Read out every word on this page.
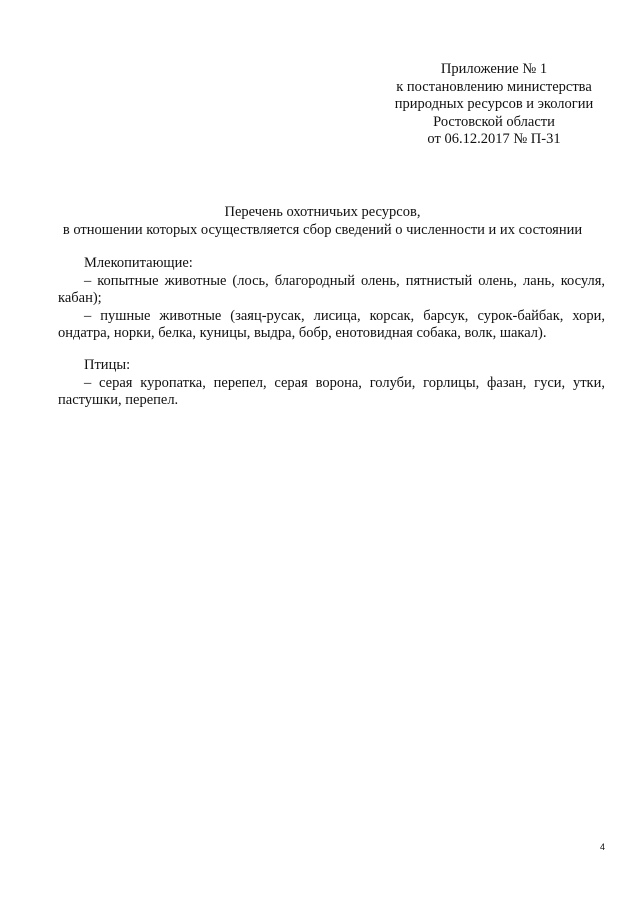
Приложение № 1
к постановлению министерства
природных ресурсов и экологии
Ростовской области
от 06.12.2017 № П-31
Перечень охотничьих ресурсов,
в отношении которых осуществляется сбор сведений о численности и их состоянии

Млекопитающие:

– копытные животные (лось, благородный олень, пятнистый олень, лань, косуля, кабан);

– пушные животные (заяц-русак, лисица, корсак, барсук, сурок-байбак, хори, ондатра, норки, белка, куницы, выдра, бобр, енотовидная собака, волк, шакал).

Птицы:

– серая куропатка, перепел, серая ворона, голуби, горлицы, фазан, гуси, утки, пастушки, перепел.

4
